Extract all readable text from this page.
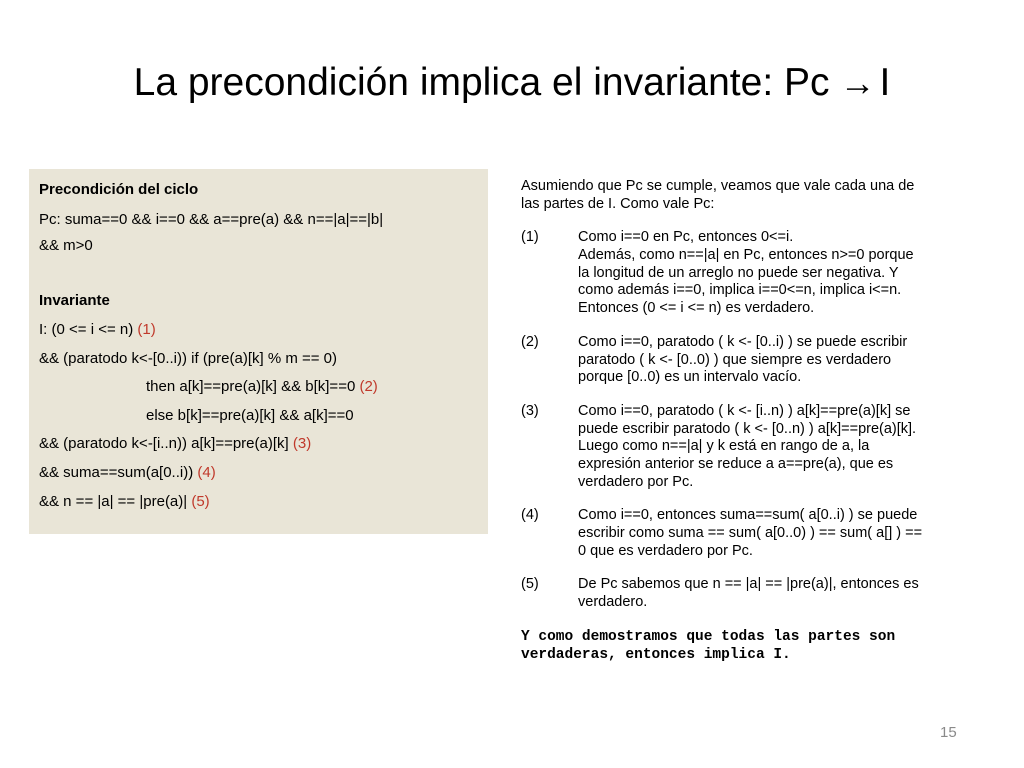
La precondición implica el invariante: Pc → I
Precondición del ciclo
Pc: suma==0 && i==0 && a==pre(a) && n==|a|==|b|
&& m>0
Invariante
I: (0 <= i <= n) (1)
&& (paratodo k<-[0..i)) if (pre(a)[k] % m == 0)
then a[k]==pre(a)[k] && b[k]==0 (2)
else b[k]==pre(a)[k] && a[k]==0
&& (paratodo k<-[i..n)) a[k]==pre(a)[k] (3)
&& suma==sum(a[0..i)) (4)
&& n == |a| == |pre(a)| (5)
Asumiendo que Pc se cumple, veamos que vale cada una de
las partes de I. Como vale Pc:
(1)	Como i==0 en Pc, entonces 0<=i.
Además, como n==|a| en Pc, entonces n>=0 porque
la longitud de un arreglo no puede ser negativa. Y
como además i==0, implica i==0<=n, implica i<=n.
Entonces (0 <= i <= n) es verdadero.
(2)	Como i==0, paratodo ( k <- [0..i) ) se puede escribir
paratodo ( k <- [0..0) ) que siempre es verdadero
porque [0..0) es un intervalo vacío.
(3)	Como i==0, paratodo ( k <- [i..n) ) a[k]==pre(a)[k] se
puede escribir paratodo ( k <- [0..n) ) a[k]==pre(a)[k].
Luego como n==|a| y k está en rango de a, la
expresión anterior se reduce a a==pre(a), que es
verdadero por Pc.
(4)	Como i==0, entonces suma==sum( a[0..i) ) se puede
escribir como suma == sum( a[0..0) ) == sum( a[] ) ==
0 que es verdadero por Pc.
(5)	De Pc sabemos que n == |a| == |pre(a)|, entonces es
verdadero.
Y como demostramos que todas las partes son
verdaderas, entonces implica I.
15
